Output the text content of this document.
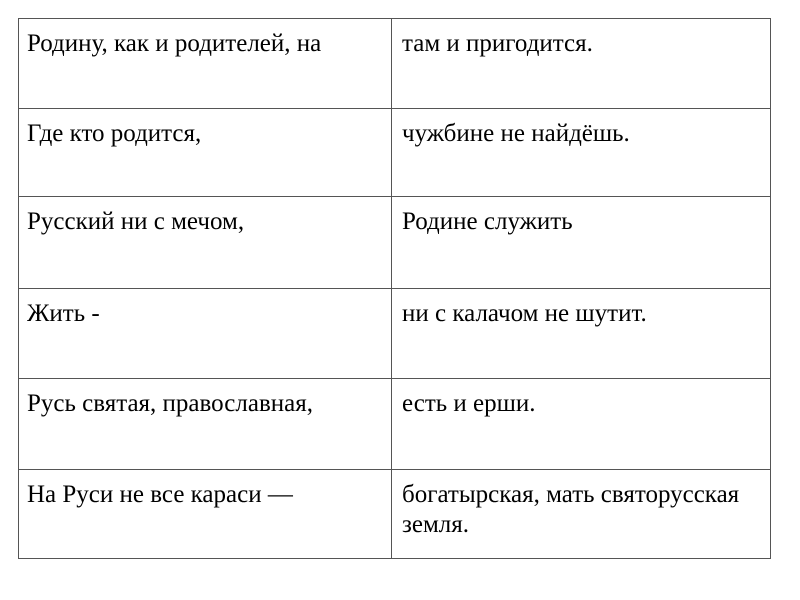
Родину, как и родителей, на	там и пригодится.
Где кто родится,	чужбине не найдёшь.
Русский ни с мечом,	Родине служить
Жить -	ни с калачом не шутит.
Русь святая, православная,	есть и ерши.
На Руси не все караси —	богатырская, мать святорусская земля.
